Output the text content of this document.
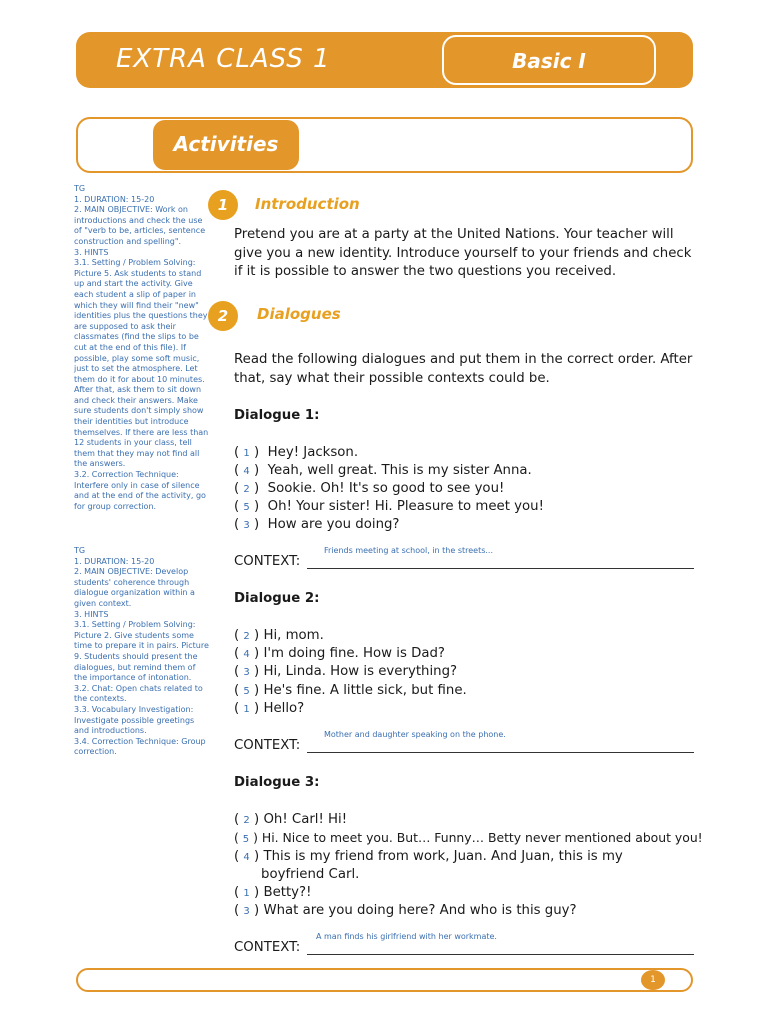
EXTRA CLASS 1	Basic I
Activities
TG
1. DURATION: 15-20
2. MAIN OBJECTIVE: Work on introductions and check the use of "verb to be, articles, sentence construction and spelling".
3. HINTS
3.1. Setting / Problem Solving: Picture 5. Ask students to stand up and start the activity. Give each student a slip of paper in which they will find their "new" identities plus the questions they are supposed to ask their classmates (find the slips to be cut at the end of this file). If possible, play some soft music, just to set the atmosphere. Let them do it for about 10 minutes. After that, ask them to sit down and check their answers. Make sure students don't simply show their identities but introduce themselves. If there are less than 12 students in your class, tell them that they may not find all the answers.
3.2. Correction Technique: Interfere only in case of silence and at the end of the activity, go for group correction.
TG
1. DURATION: 15-20
2. MAIN OBJECTIVE: Develop students' coherence through dialogue organization within a given context.
3. HINTS
3.1. Setting / Problem Solving: Picture 2. Give students some time to prepare it in pairs. Picture 9. Students should present the dialogues, but remind them of the importance of intonation.
3.2. Chat: Open chats related to the contexts.
3.3. Vocabulary Investigation: Investigate possible greetings and introductions.
3.4. Correction Technique: Group correction.
1	Introduction
Pretend you are at a party at the United Nations. Your teacher will give you a new identity. Introduce yourself to your friends and check if it is possible to answer the two questions you received.
2	Dialogues
Read the following dialogues and put them in the correct order. After that, say what their possible contexts could be.
Dialogue 1:
( 1 )  Hey! Jackson.
( 4 )  Yeah, well great. This is my sister Anna.
( 2 )  Sookie. Oh! It's so good to see you!
( 5 )  Oh! Your sister! Hi. Pleasure to meet you!
( 3 )  How are you doing?
CONTEXT:
Friends meeting at school, in the streets...
Dialogue 2:
( 2 ) Hi, mom.
( 4 ) I'm doing fine. How is Dad?
( 3 ) Hi, Linda. How is everything?
( 5 ) He's fine. A little sick, but fine.
( 1 ) Hello?
CONTEXT:
Mother and daughter speaking on the phone.
Dialogue 3:
( 2 ) Oh! Carl! Hi!
( 5 ) Hi. Nice to meet you. But… Funny… Betty never mentioned about you!
( 4 ) This is my friend from work, Juan. And Juan, this is my
boyfriend Carl.
( 1 ) Betty?!
( 3 ) What are you doing here? And who is this guy?
CONTEXT:
A man finds his girlfriend with her workmate.
1
